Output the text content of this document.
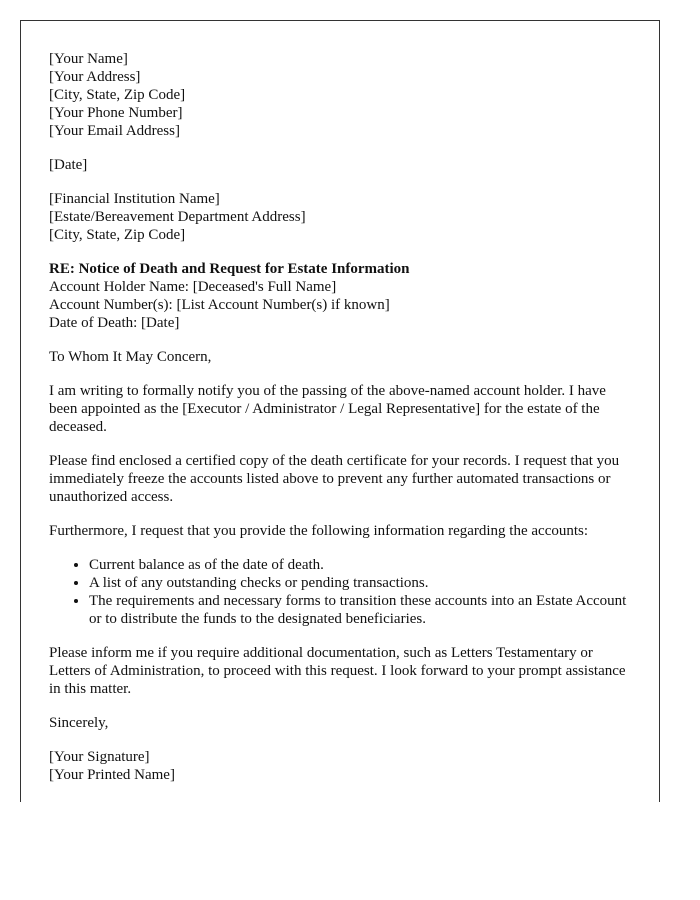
[Your Name]
[Your Address]
[City, State, Zip Code]
[Your Phone Number]
[Your Email Address]

[Date]

[Financial Institution Name]
[Estate/Bereavement Department Address]
[City, State, Zip Code]

RE: Notice of Death and Request for Estate Information
Account Holder Name: [Deceased's Full Name]
Account Number(s): [List Account Number(s) if known]
Date of Death: [Date]

To Whom It May Concern,

I am writing to formally notify you of the passing of the above-named account holder. I have been appointed as the [Executor / Administrator / Legal Representative] for the estate of the deceased.

Please find enclosed a certified copy of the death certificate for your records. I request that you immediately freeze the accounts listed above to prevent any further automated transactions or unauthorized access.

Furthermore, I request that you provide the following information regarding the accounts:

• Current balance as of the date of death.
• A list of any outstanding checks or pending transactions.
• The requirements and necessary forms to transition these accounts into an Estate Account or to distribute the funds to the designated beneficiaries.

Please inform me if you require additional documentation, such as Letters Testamentary or Letters of Administration, to proceed with this request. I look forward to your prompt assistance in this matter.

Sincerely,

[Your Signature]
[Your Printed Name]
